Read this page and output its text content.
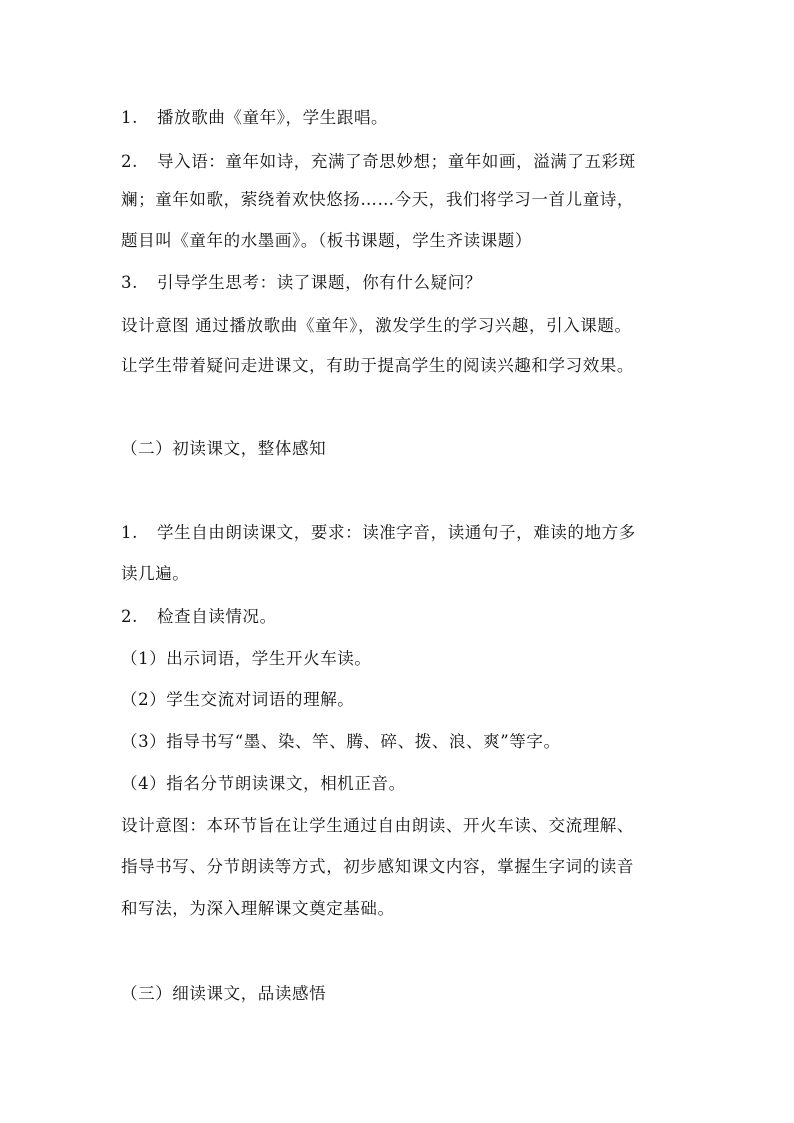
1. 播放歌曲《童年》，学生跟唱。
2. 导入语：童年如诗，充满了奇思妙想；童年如画，溢满了五彩斑
斓；童年如歌，萦绕着欢快悠扬……今天，我们将学习一首儿童诗，
题目叫《童年的水墨画》。（板书课题，学生齐读课题）
3. 引导学生思考：读了课题，你有什么疑问？
设计意图 通过播放歌曲《童年》，激发学生的学习兴趣，引入课题。
让学生带着疑问走进课文，有助于提高学生的阅读兴趣和学习效果。
（二）初读课文，整体感知
1. 学生自由朗读课文，要求：读准字音，读通句子，难读的地方多
读几遍。
2. 检查自读情况。
（1）出示词语，学生开火车读。
（2）学生交流对词语的理解。
（3）指导书写“墨、染、竿、腾、碎、拨、浪、爽”等字。
（4）指名分节朗读课文，相机正音。
设计意图：本环节旨在让学生通过自由朗读、开火车读、交流理解、
指导书写、分节朗读等方式，初步感知课文内容，掌握生字词的读音
和写法，为深入理解课文奠定基础。
（三）细读课文，品读感悟
